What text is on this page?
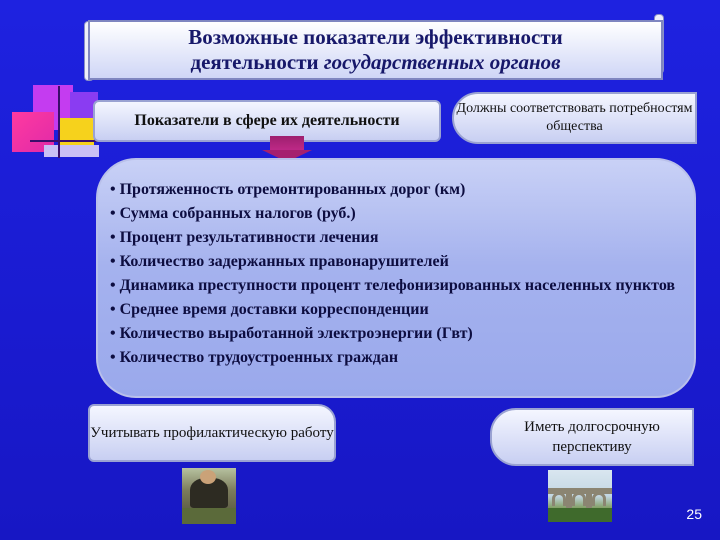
Возможные показатели эффективности
деятельности государственных органов
Показатели в сфере их деятельности
Должны соответствовать потребностям общества
• Протяженность отремонтированных дорог (км)
• Сумма собранных налогов (руб.)
• Процент результативности лечения
• Количество задержанных правонарушителей
• Динамика преступности процент телефонизированных населенных пунктов
• Среднее время доставки корреспонденции
• Количество выработанной электроэнергии (Гвт)
• Количество трудоустроенных граждан
Учитывать профилактическую работу	Иметь долгосрочную перспективу
25
